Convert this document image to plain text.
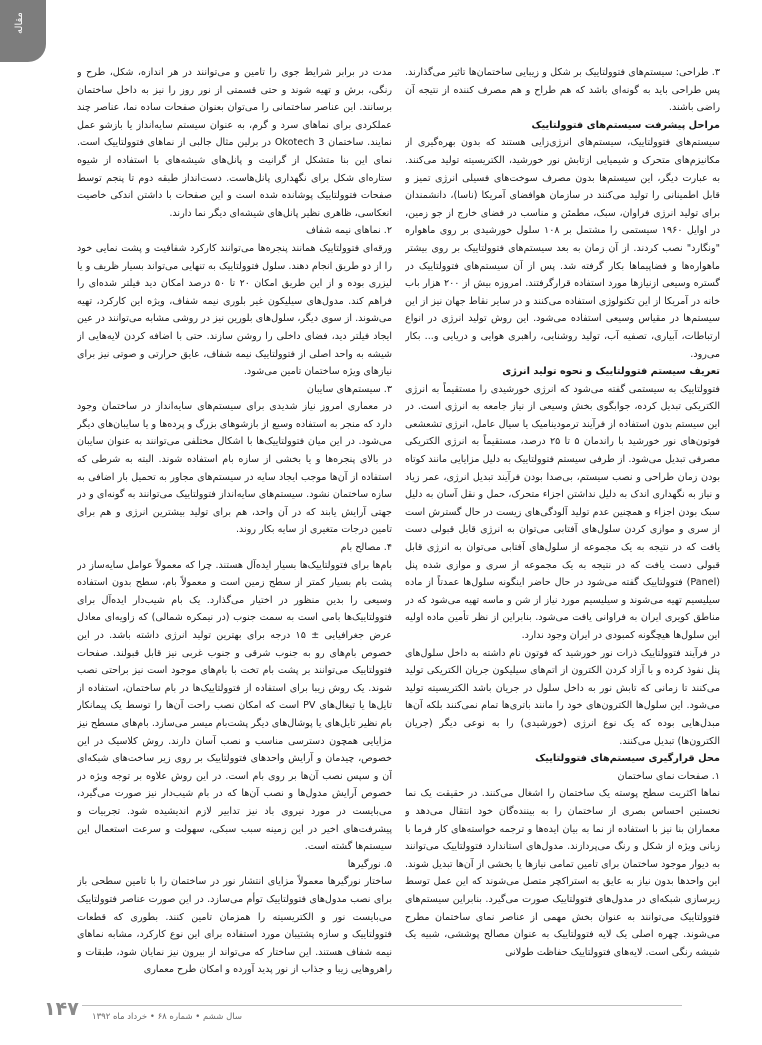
مقاله

۳. طراحی: سیستم‌های فتوولتاییک بر شکل و زیبایی ساختمان‌ها تاثیر می‌گذارند. پس طراحی باید به گونه‌ای باشد که هم طراح و هم مصرف کننده از نتیجه آن راضی باشند.

مراحل پیشرفت سیستم‌های فتوولتاییک

سیستم‌های فتوولتاییک، سیستم‌های انرژی‌زایی هستند که بدون بهره‌گیری از مکانیزم‌های متحرک و شیمیایی ازتابش نور خورشید، الکتریسیته تولید می‌کنند. به عبارت دیگر، این سیستم‌ها بدون مصرف سوخت‌های فسیلی انرژی تمیز و قابل اطمینانی را تولید می‌کنند در سازمان هوافضای آمریکا (ناسا)، دانشمندان برای تولید انرژی فراوان، سبک، مطمئن و مناسب در فضای خارج از جو زمین، در اوایل ۱۹۶۰ سیستمی را مشتمل بر ۱۰۸ سلول خورشیدی بر روی ماهواره "ونگارد" نصب کردند. از آن زمان به بعد سیستم‌های فتوولتاییک بر روی بیشتر ماهواره‌ها و فضاپیماها بکار گرفته شد. پس از آن سیستم‌های فتوولتاییک در گستره وسیعی ازنیازها مورد استفاده قرارگرفتند. امروزه بیش از ۲۰۰ هزار باب خانه در آمریکا از این تکنولوژی استفاده می‌کنند و در سایر نقاط جهان نیز از این سیستم‌ها در مقیاس وسیعی استفاده می‌شود. این روش تولید انرژی در انواع ارتباطات، آبیاری، تصفیه آب، تولید روشنایی، راهبری هوایی و دریایی و... بکار می‌رود.

تعریف سیستم فتوولتاییک و نحوه تولید انرژی

فتوولتاییک به سیستمی گفته می‌شود که انرژی خورشیدی را مستقیماً به انرژی الکتریکی تبدیل کرده، جوابگوی بخش وسیعی از نیاز جامعه به انرژی است. در این سیستم بدون استفاده از فرآیند ترمودینامیک یا سیال عامل، انرژی تشعشعی فوتون‌های نور خورشید با راندمان ۵ تا ۲۵ درصد، مستقیماً به انرژی الکتریکی مصرفی تبدیل می‌شود. از طرفی سیستم فتوولتاییک به دلیل مزایایی مانند کوتاه بودن زمان طراحی و نصب سیستم، بی‌صدا بودن فرآیند تبدیل انرژی، عمر زیاد و نیاز به نگهداری اندک به دلیل نداشتن اجزاء متحرک، حمل و نقل آسان به دلیل سبک بودن اجزاء و همچنین عدم تولید آلودگی‌های زیست در حال گسترش است از سری و موازی کردن سلول‌های آفتابی می‌توان به انرژی قابل قبولی دست یافت که در نتیجه به یک مجموعه از سلول‌های آفتابی می‌توان به انرژی قابل قبولی دست یافت که در نتیجه به یک مجموعه از سری و موازی شده پنل (Panel) فتوولتاییک گفته می‌شود در حال حاضر اینگونه سلول‌ها عمدتاً از ماده سیلیسیم تهیه می‌شوند و سیلیسیم مورد نیاز از شن و ماسه تهیه می‌شود که در مناطق کویری ایران به فراوانی یافت می‌شود. بنابراین از نظر تأمین ماده اولیه این سلول‌ها هیچگونه کمبودی در ایران وجود ندارد.

در فرآیند فتوولتاییک ذرات نور خورشید که فوتون نام داشته به داخل سلول‌های پنل نفوذ کرده و با آزاد کردن الکترون از اتم‌های سیلیکون جریان الکتریکی تولید می‌کنند تا زمانی که تابش نور به داخل سلول در جریان باشد الکتریسیته تولید می‌شود. این سلول‌ها الکترون‌های خود را مانند باتری‌ها تمام نمی‌کنند بلکه آن‌ها مبدل‌هایی بوده که یک نوع انرژی (خورشیدی) را به نوعی دیگر (جریان الکترون‌ها) تبدیل می‌کنند.

محل قرارگیری سیستم‌های فتوولتاییک

۱. صفحات نمای ساختمان

نماها اکثریت سطح پوسته یک ساختمان را اشغال می‌کنند. در حقیقت یک نما نخستین احساس بصری از ساختمان را به بیننده‌گان خود انتقال می‌دهد و معماران بنا نیز با استفاده از نما به بیان ایده‌ها و ترجمه خواسته‌های کار فرما با زبانی ویژه از شکل و رنگ می‌پردازند. مدول‌های استاندارد فتوولتاییک می‌توانند به دیوار موجود ساختمان برای تامین تمامی نیازها یا بخشی از آن‌ها تبدیل شوند. این واحدها بدون نیاز به عایق به استراکچر متصل می‌شوند که این عمل توسط زیرسازی شبکه‌ای در مدول‌های فتوولتاییک صورت می‌گیرد. بنابراین سیستم‌های فتوولتاییک می‌توانند به عنوان بخش مهمی از عناصر نمای ساختمان مطرح می‌شوند. چهره اصلی یک لایه فتوولتاییک به عنوان مصالح پوششی، شبیه یک شیشه رنگی است. لایه‌های فتوولتاییک حفاظت طولانی

مدت در برابر شرایط جوی را تامین و می‌توانند در هر اندازه، شکل، طرح و رنگی، برش و تهیه شوند و حتی قسمتی از نور روز را نیز به داخل ساختمان برسانند. این عناصر ساختمانی را می‌توان بعنوان صفحات ساده نما، عناصر چند عملکردی برای نماهای سرد و گرم، به عنوان سیستم سایه‌انداز یا بازشو عمل نمایند. ساختمان Okotech 3 در برلین مثال جالبی از نماهای فتوولتاییک است. نمای این بنا متشکل از گرانیت و پانل‌های شیشه‌های با استفاده از شیوه ستاره‌ای شکل برای نگهداری پانل‌هاست. دست‌انداز طبقه دوم تا پنجم توسط صفحات فتوولتاییک پوشانده شده است و این صفحات با داشتن اندکی خاصیت انعکاسی، ظاهری نظیر پانل‌های شیشه‌ای دیگر نما دارند.

۲. نماهای نیمه شفاف

ورقه‌ای فتوولتاییک همانند پنجره‌ها می‌توانند کارکرد شفافیت و پشت نمایی خود را از دو طریق انجام دهند. سلول فتوولتاییک به تنهایی می‌تواند بسیار ظریف و یا لیزری بوده و از این طریق امکان ۲۰ تا ۵۰ درصد امکان دید فیلتر شده‌ای را فراهم کند. مدول‌های سیلیکون غیر بلوری نیمه شفاف، ویژه این کارکرد، تهیه می‌شوند. از سوی دیگر، سلول‌های بلورین نیز در روشی مشابه می‌توانند در عین ایجاد فیلتر دید، فضای داخلی را روشن سازند. حتی با اضافه کردن لایه‌هایی از شیشه به واحد اصلی از فتوولتاییک نیمه شفاف، عایق حرارتی و صوتی نیز برای نیازهای ویژه ساختمان تامین می‌شود.

۳. سیستم‌های سایبان

در معماری امروز نیاز شدیدی برای سیستم‌های سایه‌انداز در ساختمان وجود دارد که منجر به استفاده وسیع از بازشوهای بزرگ و پرده‌ها و یا سایبان‌های دیگر می‌شود. در این میان فتوولتاییک‌ها با اشکال مختلفی می‌توانند به عنوان سایبان در بالای پنجره‌ها و یا بخشی از سازه بام استفاده شوند. البته به شرطی که استفاده از آن‌ها موجب ایجاد سایه در سیستم‌های مجاور به تحمیل بار اضافی به سازه ساختمان نشود. سیستم‌های سایه‌انداز فتوولتاییک می‌توانند به گونه‌ای و در جهتی آرایش یابند که در آن واحد، هم برای تولید بیشترین انرژی و هم برای تامین درجات متغیری از سایه بکار روند.

۴. مصالح بام

بام‌ها برای فتوولتاییک‌ها بسیار ایده‌آل هستند. چرا که معمولاً عوامل سایه‌ساز در پشت بام بسیار کمتر از سطح زمین است و معمولاً بام، سطح بدون استفاده وسیعی را بدین منظور در اختیار می‌گذارد. یک بام شیب‌دار ایده‌آل برای فتوولتاییک‌ها بامی است به سمت جنوب (در نیمکره شمالی) که زاویه‌ای معادل عرض جغرافیایی ± ۱۵ درجه برای بهترین تولید انرژی داشته باشد. در این خصوص بام‌های رو به جنوب شرقی و جنوب غربی نیز قابل قبولند. صفحات فتوولتاییک می‌توانند بر پشت بام تخت با بام‌های موجود است نیز براحتی نصب شوند. یک روش زیبا برای استفاده از فتوولتاییک‌ها در بام ساختمان، استفاده از تایل‌ها یا تیغال‌های PV است که امکان نصب راحت آن‌ها را توسط یک پیمانکار بام نظیر تایل‌های یا پوشال‌های دیگر پشت‌بام میسر می‌سازد. بام‌های مسطح نیز مزایایی همچون دسترسی مناسب و نصب آسان دارند. روش کلاسیک در این خصوص، چیدمان و آرایش واحدهای فتوولتاییک بر روی زیر ساخت‌های شبکه‌ای آن و سپس نصب آن‌ها بر روی بام است. در این روش علاوه بر توجه ویژه در خصوص آرایش مدول‌ها و نصب آن‌ها که در بام شیب‌دار نیز صورت می‌گیرد، می‌بایست در مورد نیروی باد نیز تدابیر لازم اندیشیده شود. تجربیات و پیشرفت‌های اخیر در این زمینه سبب سبکی، سهولت و سرعت استعمال این سیستم‌ها گشته است.

۵. نورگیرها

ساختار نورگیرها معمولاً مزایای انتشار نور در ساختمان را با تامین سطحی باز برای نصب مدول‌های فتوولتاییک توأم می‌سازد. در این صورت عناصر فتوولتاییک می‌بایست نور و الکتریسیته را همزمان تامین کنند. بطوری که قطعات فتوولتاییک و سازه پشتیبان مورد استفاده برای این نوع کارکرد، مشابه نماهای نیمه شفاف هستند. این ساختار که می‌تواند از بیرون نیز نمایان شود، طبقات و راهروهایی زیبا و جذاب از نور پدید آورده و امکان طرح معماری

۱۴۷ سال ششم • شماره ۶۸ • خرداد ماه ۱۳۹۲
